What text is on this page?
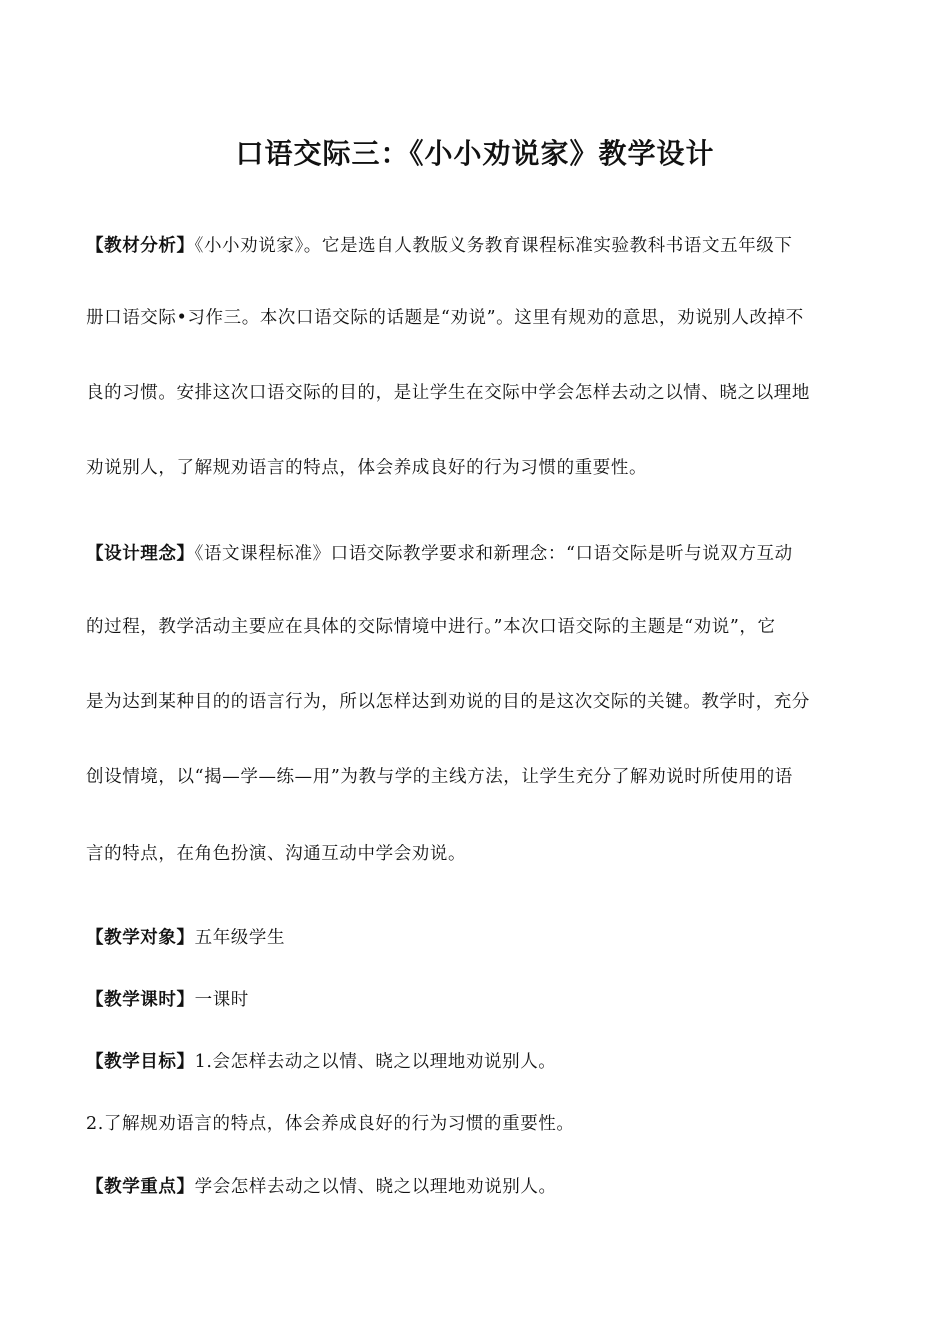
口语交际三：《小小劝说家》教学设计
【教材分析】《小小劝说家》。它是选自人教版义务教育课程标准实验教科书语文五年级下
册口语交际•习作三。本次口语交际的话题是“劝说”。这里有规劝的意思，劝说别人改掉不
良的习惯。安排这次口语交际的目的，是让学生在交际中学会怎样去动之以情、晓之以理地
劝说别人，了解规劝语言的特点，体会养成良好的行为习惯的重要性。
【设计理念】《语文课程标准》口语交际教学要求和新理念：“口语交际是听与说双方互动
的过程，教学活动主要应在具体的交际情境中进行。”本次口语交际的主题是“劝说”，它
是为达到某种目的的语言行为，所以怎样达到劝说的目的是这次交际的关键。教学时，充分
创设情境，以“揭—学—练—用”为教与学的主线方法，让学生充分了解劝说时所使用的语
言的特点，在角色扮演、沟通互动中学会劝说。
【教学对象】五年级学生
【教学课时】一课时
【教学目标】1.会怎样去动之以情、晓之以理地劝说别人。
2.了解规劝语言的特点，体会养成良好的行为习惯的重要性。
【教学重点】学会怎样去动之以情、晓之以理地劝说别人。
